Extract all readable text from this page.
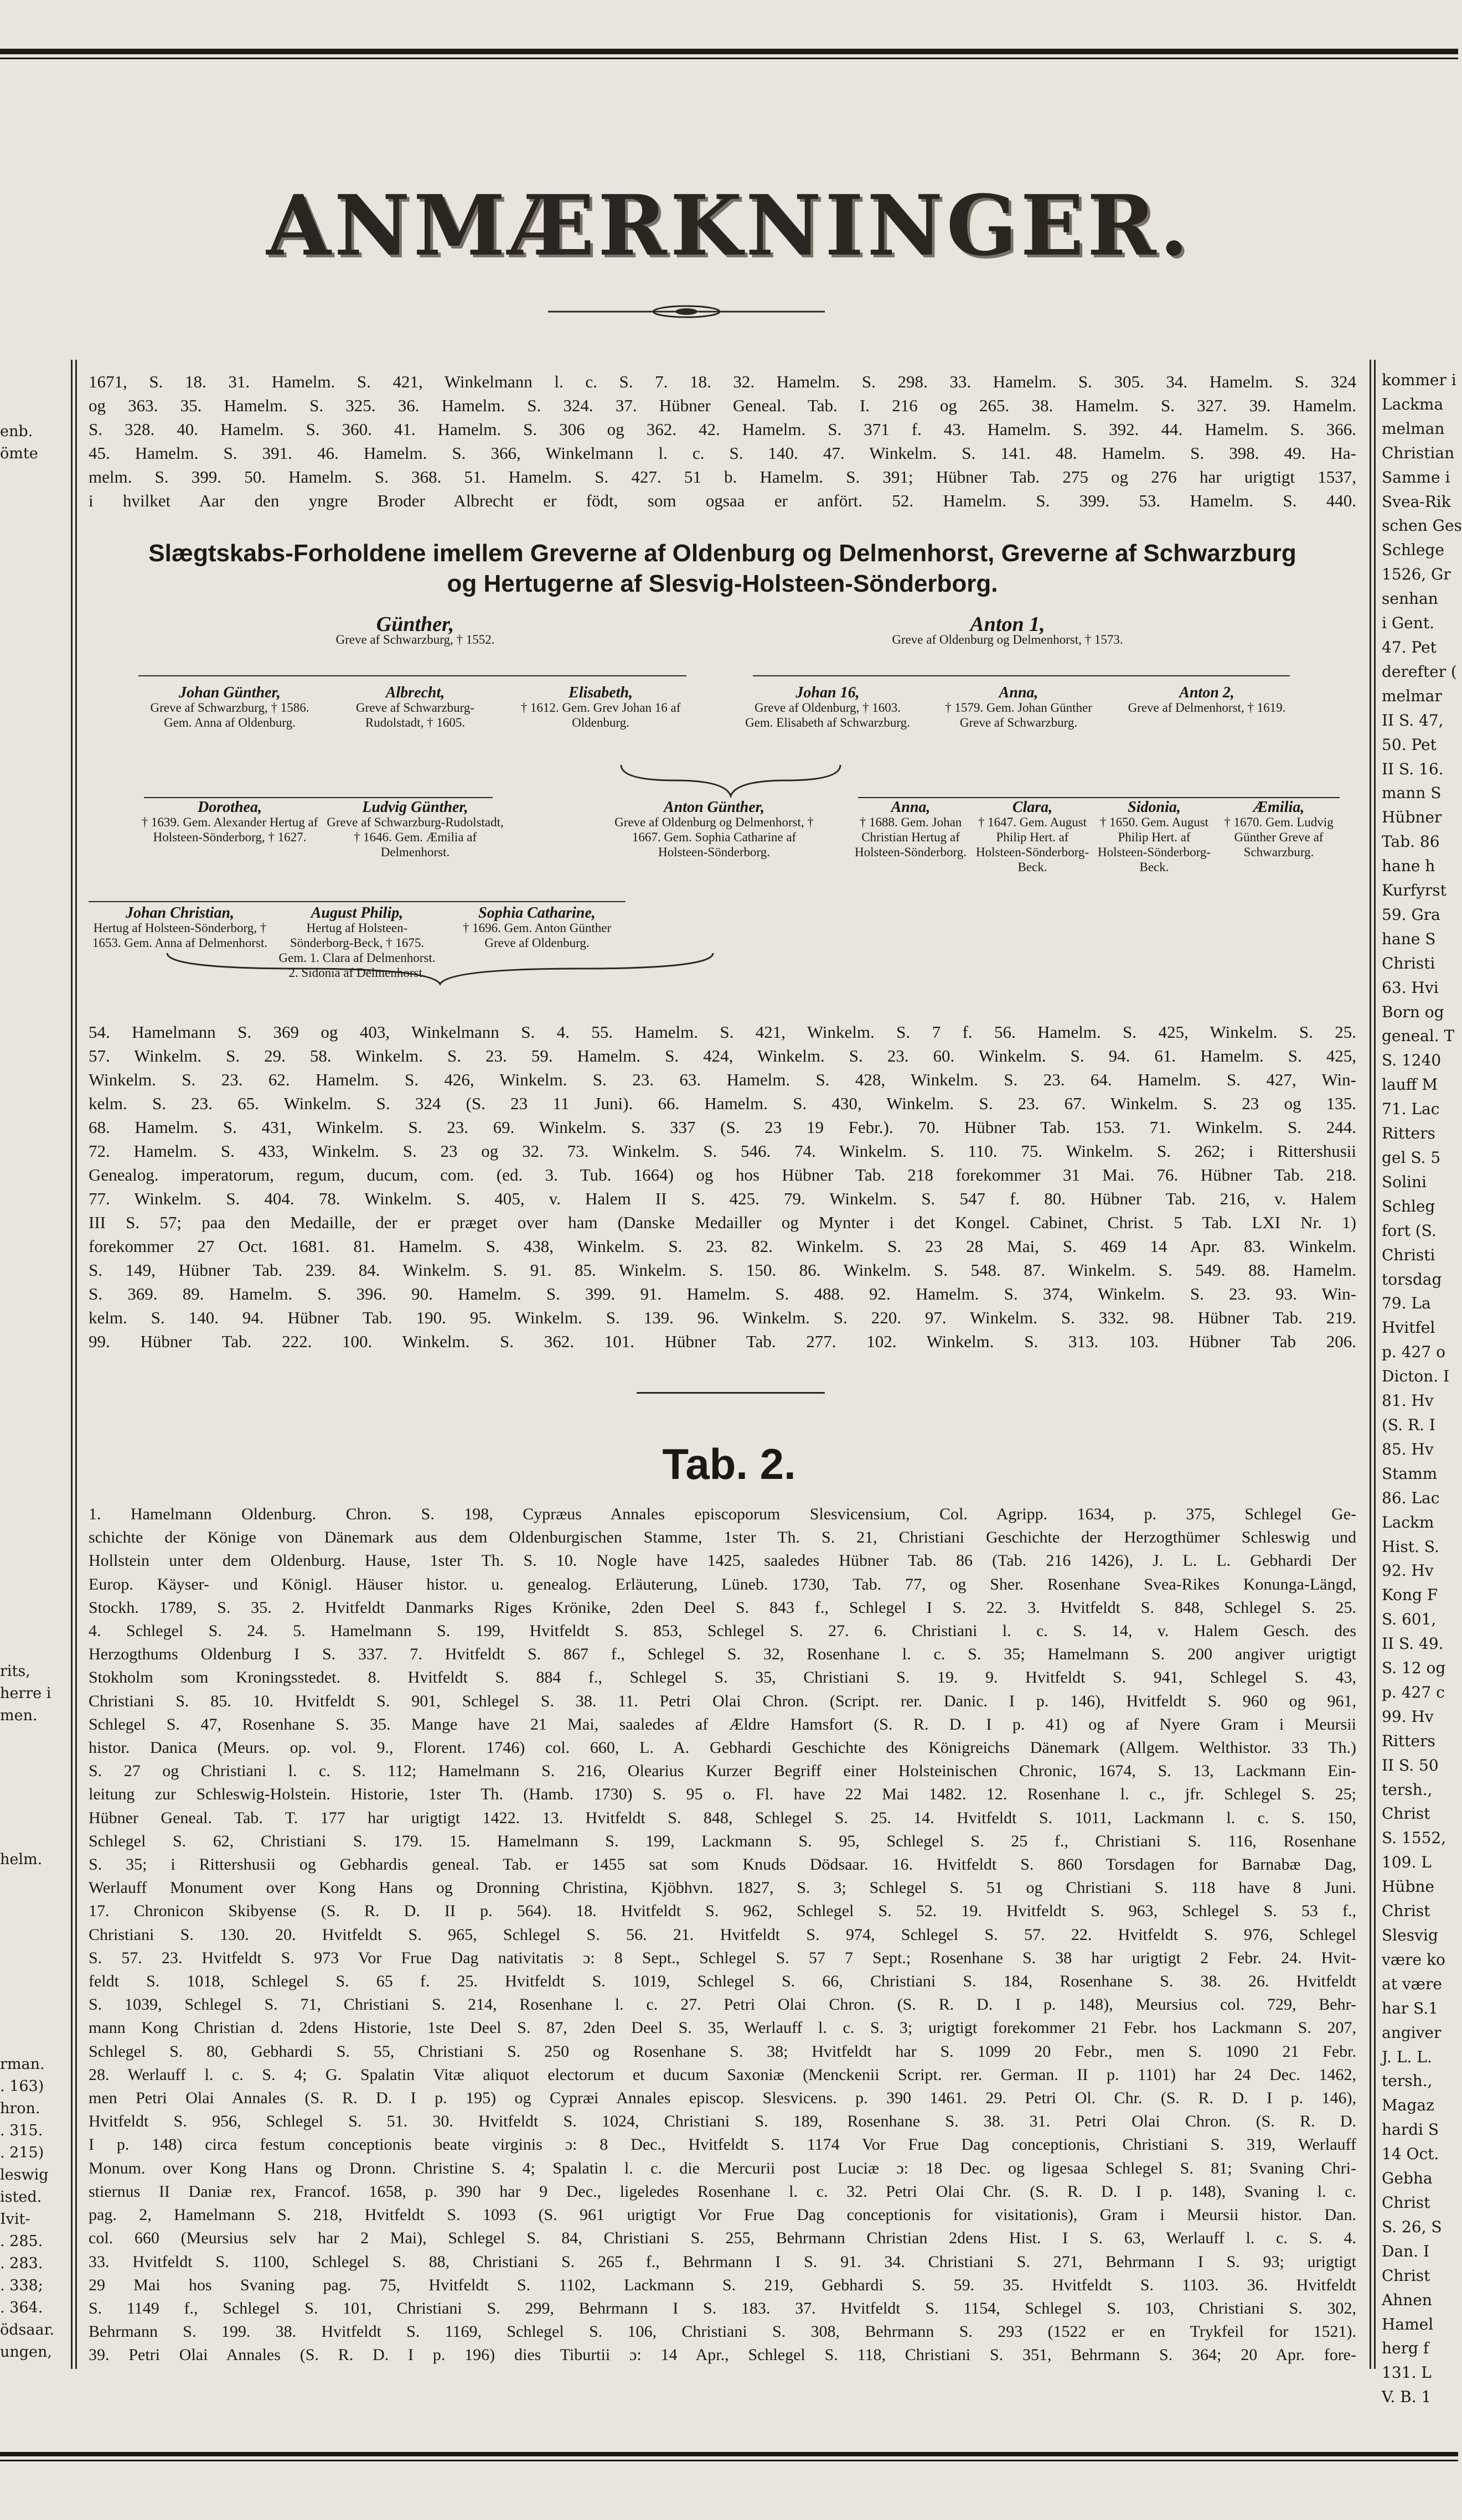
enb.
ömte
rits,
herre i
men.
helm.
rman.
. 163)
hron.
. 315.
. 215)
leswig
isted.
Ivit-
. 285.
. 283.
. 338;
. 364.
ödsaar.
ungen,
kommer i
Lackma
melman
Christian
Samme i
Svea-Rik
schen Ges
Schlege
1526, Gr
senhan
i Gent.
47. Pet
derefter (
melmar
II S. 47,
50. Pet
II S. 16.
mann S
Hübner
Tab. 86
hane h
Kurfyrst
59. Gra
hane S
Christi
63. Hvi
Born og
geneal. T
S. 1240
lauff M
71. Lac
Ritters
gel S. 5
Solini
Schleg
fort (S.
Christi
torsdag
79. La
Hvitfel
p. 427 o
Dicton. I
81. Hv
(S. R. I
85. Hv
Stamm
86. Lac
Lackm
Hist. S.
92. Hv
Kong F
S. 601,
II S. 49.
S. 12 og
p. 427 c
99. Hv
Ritters
II S. 50
tersh.,
Christ
S. 1552,
109. L
Hübne
Christ
Slesvig
være ko
at være
har S.1
angiver
J. L. L.
tersh.,
Magaz
hardi S
14 Oct.
Gebha
Christ
S. 26, S
Dan. I
Christ
Ahnen
Hamel
herg f
131. L
V. B. 1
ANMÆRKNINGER.
1671, S. 18. 31. Hamelm. S. 421, Winkelmann l. c. S. 7. 18. 32. Hamelm. S. 298. 33. Hamelm. S. 305. 34. Hamelm. S. 324
og 363. 35. Hamelm. S. 325. 36. Hamelm. S. 324. 37. Hübner Geneal. Tab. I. 216 og 265. 38. Hamelm. S. 327. 39. Hamelm.
S. 328. 40. Hamelm. S. 360. 41. Hamelm. S. 306 og 362. 42. Hamelm. S. 371 f. 43. Hamelm. S. 392. 44. Hamelm. S. 366.
45. Hamelm. S. 391. 46. Hamelm. S. 366, Winkelmann l. c. S. 140. 47. Winkelm. S. 141. 48. Hamelm. S. 398. 49. Ha-
melm. S. 399. 50. Hamelm. S. 368. 51. Hamelm. S. 427. 51 b. Hamelm. S. 391; Hübner Tab. 275 og 276 har urigtigt 1537,
i hvilket Aar den yngre Broder Albrecht er födt, som ogsaa er anfört. 52. Hamelm. S. 399. 53. Hamelm. S. 440.
Slægtskabs-Forholdene imellem Greverne af Oldenburg og Delmenhorst, Greverne af Schwarzburg
og Hertugerne af Slesvig-Holsteen-Sönderborg.
Günther,
Greve af Schwarzburg, † 1552.
Anton 1,
Greve af Oldenburg og Delmenhorst, † 1573.
Johan Günther,
Greve af Schwarzburg, † 1586. Gem. Anna af Oldenburg.
Albrecht,
Greve af Schwarzburg-Rudolstadt, † 1605.
Elisabeth,
† 1612. Gem. Grev Johan 16 af Oldenburg.
Johan 16,
Greve af Oldenburg, † 1603. Gem. Elisabeth af Schwarzburg.
Anna,
† 1579. Gem. Johan Günther Greve af Schwarzburg.
Anton 2,
Greve af Delmenhorst, † 1619.
Dorothea,
† 1639. Gem. Alexander Hertug af Holsteen-Sönderborg, † 1627.
Ludvig Günther,
Greve af Schwarzburg-Rudolstadt, † 1646. Gem. Æmilia af Delmenhorst.
Anton Günther,
Greve af Oldenburg og Delmenhorst, † 1667. Gem. Sophia Catharine af Holsteen-Sönderborg.
Anna,
† 1688. Gem. Johan Christian Hertug af Holsteen-Sönderborg.
Clara,
† 1647. Gem. August Philip Hert. af Holsteen-Sönderborg-Beck.
Sidonia,
† 1650. Gem. August Philip Hert. af Holsteen-Sönderborg-Beck.
Æmilia,
† 1670. Gem. Ludvig Günther Greve af Schwarzburg.
Johan Christian,
Hertug af Holsteen-Sönderborg, † 1653. Gem. Anna af Delmenhorst.
August Philip,
Hertug af Holsteen-Sönderborg-Beck, † 1675. Gem. 1. Clara af Delmenhorst. 2. Sidonia af Delmenhorst.
Sophia Catharine,
† 1696. Gem. Anton Günther Greve af Oldenburg.
54. Hamelmann S. 369 og 403, Winkelmann S. 4. 55. Hamelm. S. 421, Winkelm. S. 7 f. 56. Hamelm. S. 425, Winkelm. S. 25.
57. Winkelm. S. 29. 58. Winkelm. S. 23. 59. Hamelm. S. 424, Winkelm. S. 23. 60. Winkelm. S. 94. 61. Hamelm. S. 425,
Winkelm. S. 23. 62. Hamelm. S. 426, Winkelm. S. 23. 63. Hamelm. S. 428, Winkelm. S. 23. 64. Hamelm. S. 427, Win-
kelm. S. 23. 65. Winkelm. S. 324 (S. 23 11 Juni). 66. Hamelm. S. 430, Winkelm. S. 23. 67. Winkelm. S. 23 og 135.
68. Hamelm. S. 431, Winkelm. S. 23. 69. Winkelm. S. 337 (S. 23 19 Febr.). 70. Hübner Tab. 153. 71. Winkelm. S. 244.
72. Hamelm. S. 433, Winkelm. S. 23 og 32. 73. Winkelm. S. 546. 74. Winkelm. S. 110. 75. Winkelm. S. 262; i Rittershusii
Genealog. imperatorum, regum, ducum, com. (ed. 3. Tub. 1664) og hos Hübner Tab. 218 forekommer 31 Mai. 76. Hübner Tab. 218.
77. Winkelm. S. 404. 78. Winkelm. S. 405, v. Halem II S. 425. 79. Winkelm. S. 547 f. 80. Hübner Tab. 216, v. Halem
III S. 57; paa den Medaille, der er præget over ham (Danske Medailler og Mynter i det Kongel. Cabinet, Christ. 5 Tab. LXI Nr. 1)
forekommer 27 Oct. 1681. 81. Hamelm. S. 438, Winkelm. S. 23. 82. Winkelm. S. 23 28 Mai, S. 469 14 Apr. 83. Winkelm.
S. 149, Hübner Tab. 239. 84. Winkelm. S. 91. 85. Winkelm. S. 150. 86. Winkelm. S. 548. 87. Winkelm. S. 549. 88. Hamelm.
S. 369. 89. Hamelm. S. 396. 90. Hamelm. S. 399. 91. Hamelm. S. 488. 92. Hamelm. S. 374, Winkelm. S. 23. 93. Win-
kelm. S. 140. 94. Hübner Tab. 190. 95. Winkelm. S. 139. 96. Winkelm. S. 220. 97. Winkelm. S. 332. 98. Hübner Tab. 219.
99. Hübner Tab. 222. 100. Winkelm. S. 362. 101. Hübner Tab. 277. 102. Winkelm. S. 313. 103. Hübner Tab 206.
Tab. 2.
1. Hamelmann Oldenburg. Chron. S. 198, Cypræus Annales episcoporum Slesvicensium, Col. Agripp. 1634, p. 375, Schlegel Ge-
schichte der Könige von Dänemark aus dem Oldenburgischen Stamme, 1ster Th. S. 21, Christiani Geschichte der Herzogthümer Schleswig und
Hollstein unter dem Oldenburg. Hause, 1ster Th. S. 10. Nogle have 1425, saaledes Hübner Tab. 86 (Tab. 216 1426), J. L. L. Gebhardi Der
Europ. Käyser- und Königl. Häuser histor. u. genealog. Erläuterung, Lüneb. 1730, Tab. 77, og Sher. Rosenhane Svea-Rikes Konunga-Längd,
Stockh. 1789, S. 35. 2. Hvitfeldt Danmarks Riges Krönike, 2den Deel S. 843 f., Schlegel I S. 22. 3. Hvitfeldt S. 848, Schlegel S. 25.
4. Schlegel S. 24. 5. Hamelmann S. 199, Hvitfeldt S. 853, Schlegel S. 27. 6. Christiani l. c. S. 14, v. Halem Gesch. des
Herzogthums Oldenburg I S. 337. 7. Hvitfeldt S. 867 f., Schlegel S. 32, Rosenhane l. c. S. 35; Hamelmann S. 200 angiver urigtigt
Stokholm som Kroningsstedet. 8. Hvitfeldt S. 884 f., Schlegel S. 35, Christiani S. 19. 9. Hvitfeldt S. 941, Schlegel S. 43,
Christiani S. 85. 10. Hvitfeldt S. 901, Schlegel S. 38. 11. Petri Olai Chron. (Script. rer. Danic. I p. 146), Hvitfeldt S. 960 og 961,
Schlegel S. 47, Rosenhane S. 35. Mange have 21 Mai, saaledes af Ældre Hamsfort (S. R. D. I p. 41) og af Nyere Gram i Meursii
histor. Danica (Meurs. op. vol. 9., Florent. 1746) col. 660, L. A. Gebhardi Geschichte des Königreichs Dänemark (Allgem. Welthistor. 33 Th.)
S. 27 og Christiani l. c. S. 112; Hamelmann S. 216, Olearius Kurzer Begriff einer Holsteinischen Chronic, 1674, S. 13, Lackmann Ein-
leitung zur Schleswig-Holstein. Historie, 1ster Th. (Hamb. 1730) S. 95 o. Fl. have 22 Mai 1482. 12. Rosenhane l. c., jfr. Schlegel S. 25;
Hübner Geneal. Tab. T. 177 har urigtigt 1422. 13. Hvitfeldt S. 848, Schlegel S. 25. 14. Hvitfeldt S. 1011, Lackmann l. c. S. 150,
Schlegel S. 62, Christiani S. 179. 15. Hamelmann S. 199, Lackmann S. 95, Schlegel S. 25 f., Christiani S. 116, Rosenhane
S. 35; i Rittershusii og Gebhardis geneal. Tab. er 1455 sat som Knuds Dödsaar. 16. Hvitfeldt S. 860 Torsdagen for Barnabæ Dag,
Werlauff Monument over Kong Hans og Dronning Christina, Kjöbhvn. 1827, S. 3; Schlegel S. 51 og Christiani S. 118 have 8 Juni.
17. Chronicon Skibyense (S. R. D. II p. 564). 18. Hvitfeldt S. 962, Schlegel S. 52. 19. Hvitfeldt S. 963, Schlegel S. 53 f.,
Christiani S. 130. 20. Hvitfeldt S. 965, Schlegel S. 56. 21. Hvitfeldt S. 974, Schlegel S. 57. 22. Hvitfeldt S. 976, Schlegel
S. 57. 23. Hvitfeldt S. 973 Vor Frue Dag nativitatis ɔ: 8 Sept., Schlegel S. 57 7 Sept.; Rosenhane S. 38 har urigtigt 2 Febr. 24. Hvit-
feldt S. 1018, Schlegel S. 65 f. 25. Hvitfeldt S. 1019, Schlegel S. 66, Christiani S. 184, Rosenhane S. 38. 26. Hvitfeldt
S. 1039, Schlegel S. 71, Christiani S. 214, Rosenhane l. c. 27. Petri Olai Chron. (S. R. D. I p. 148), Meursius col. 729, Behr-
mann Kong Christian d. 2dens Historie, 1ste Deel S. 87, 2den Deel S. 35, Werlauff l. c. S. 3; urigtigt forekommer 21 Febr. hos Lackmann S. 207,
Schlegel S. 80, Gebhardi S. 55, Christiani S. 250 og Rosenhane S. 38; Hvitfeldt har S. 1099 20 Febr., men S. 1090 21 Febr.
28. Werlauff l. c. S. 4; G. Spalatin Vitæ aliquot electorum et ducum Saxoniæ (Menckenii Script. rer. German. II p. 1101) har 24 Dec. 1462,
men Petri Olai Annales (S. R. D. I p. 195) og Cypræi Annales episcop. Slesvicens. p. 390 1461. 29. Petri Ol. Chr. (S. R. D. I p. 146),
Hvitfeldt S. 956, Schlegel S. 51. 30. Hvitfeldt S. 1024, Christiani S. 189, Rosenhane S. 38. 31. Petri Olai Chron. (S. R. D.
I p. 148) circa festum conceptionis beate virginis ɔ: 8 Dec., Hvitfeldt S. 1174 Vor Frue Dag conceptionis, Christiani S. 319, Werlauff
Monum. over Kong Hans og Dronn. Christine S. 4; Spalatin l. c. die Mercurii post Luciæ ɔ: 18 Dec. og ligesaa Schlegel S. 81; Svaning Chri-
stiernus II Daniæ rex, Francof. 1658, p. 390 har 9 Dec., ligeledes Rosenhane l. c. 32. Petri Olai Chr. (S. R. D. I p. 148), Svaning l. c.
pag. 2, Hamelmann S. 218, Hvitfeldt S. 1093 (S. 961 urigtigt Vor Frue Dag conceptionis for visitationis), Gram i Meursii histor. Dan.
col. 660 (Meursius selv har 2 Mai), Schlegel S. 84, Christiani S. 255, Behrmann Christian 2dens Hist. I S. 63, Werlauff l. c. S. 4.
33. Hvitfeldt S. 1100, Schlegel S. 88, Christiani S. 265 f., Behrmann I S. 91. 34. Christiani S. 271, Behrmann I S. 93; urigtigt
29 Mai hos Svaning pag. 75, Hvitfeldt S. 1102, Lackmann S. 219, Gebhardi S. 59. 35. Hvitfeldt S. 1103. 36. Hvitfeldt
S. 1149 f., Schlegel S. 101, Christiani S. 299, Behrmann I S. 183. 37. Hvitfeldt S. 1154, Schlegel S. 103, Christiani S. 302,
Behrmann S. 199. 38. Hvitfeldt S. 1169, Schlegel S. 106, Christiani S. 308, Behrmann S. 293 (1522 er en Trykfeil for 1521).
39. Petri Olai Annales (S. R. D. I p. 196) dies Tiburtii ɔ: 14 Apr., Schlegel S. 118, Christiani S. 351, Behrmann S. 364; 20 Apr. fore-
